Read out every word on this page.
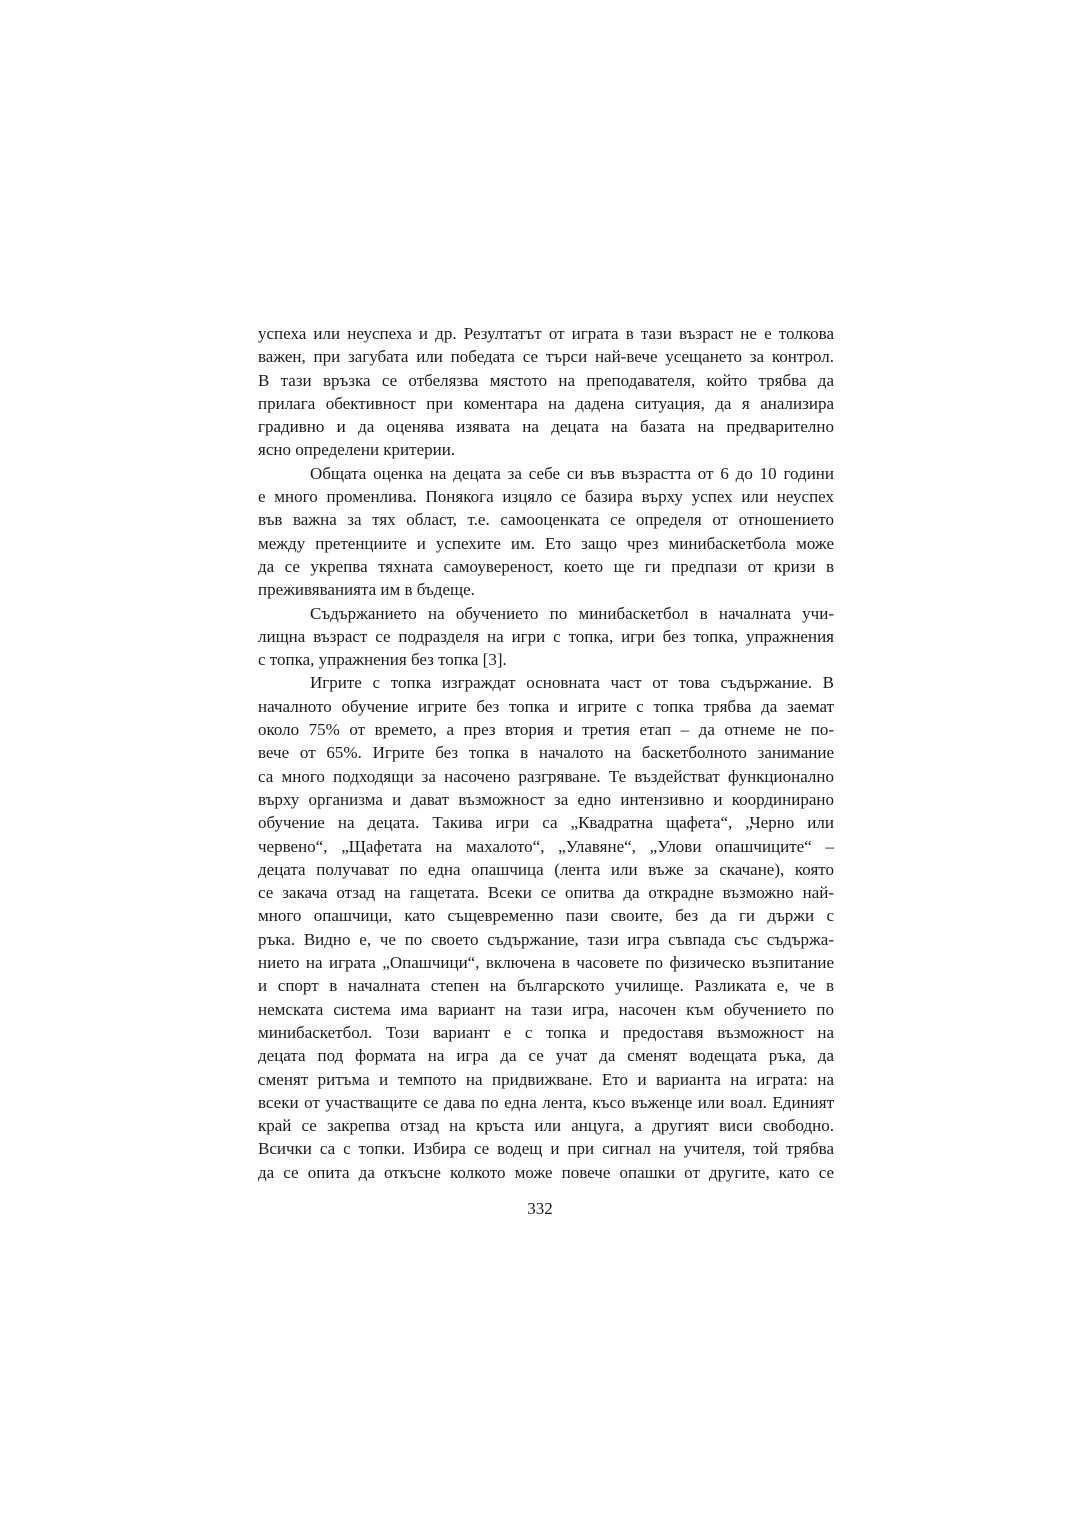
успеха или неуспеха и др. Резултатът от играта в тази възраст не е толкова
важен, при загубата или победата се търси най-вече усещането за контрол.
В тази връзка се отбелязва мястото на преподавателя, който трябва да
прилага обективност при коментара на дадена ситуация, да я анализира
градивно и да оценява изявата на децата на базата на предварително
ясно определени критерии.
Общата оценка на децата за себе си във възрастта от 6 до 10 години
е много променлива. Понякога изцяло се базира върху успех или неуспех
във важна за тях област, т.е. самооценката се определя от отношението
между претенциите и успехите им. Ето защо чрез минибаскетбола може
да се укрепва тяхната самоувереност, което ще ги предпази от кризи в
преживяванията им в бъдеще.
Съдържанието на обучението по минибаскетбол в началната учи-
лищна възраст се подразделя на игри с топка, игри без топка, упражнения
с топка, упражнения без топка [3].
Игрите с топка изграждат основната част от това съдържание. В
началното обучение игрите без топка и игрите с топка трябва да заемат
около 75% от времето, а през втория и третия етап – да отнеме не по-
вече от 65%. Игрите без топка в началото на баскетболното занимание
са много подходящи за насочено разгряване. Те въздействат функционално
върху организма и дават възможност за едно интензивно и координирано
обучение на децата. Такива игри са „Квадратна щафета“, „Черно или
червено“, „Щафетата на махалото“, „Улавяне“, „Улови опашчиците“ –
децата получават по една опашчица (лента или въже за скачане), която
се закача отзад на гащетата. Всеки се опитва да открадне възможно най-
много опашчици, като същевременно пази своите, без да ги държи с
ръка. Видно е, че по своето съдържание, тази игра съвпада със съдържа-
нието на играта „Опашчици“, включена в часовете по физическо възпитание
и спорт в началната степен на българското училище. Разликата е, че в
немската система има вариант на тази игра, насочен към обучението по
минибаскетбол. Този вариант е с топка и предоставя възможност на
децата под формата на игра да се учат да сменят водещата ръка, да
сменят ритъма и темпото на придвижване. Ето и варианта на играта: на
всеки от участващите се дава по една лента, късо въженце или воал. Единият
край се закрепва отзад на кръста или анцуга, а другият виси свободно.
Всички са с топки. Избира се водещ и при сигнал на учителя, той трябва
да се опита да откъсне колкото може повече опашки от другите, като се
332
